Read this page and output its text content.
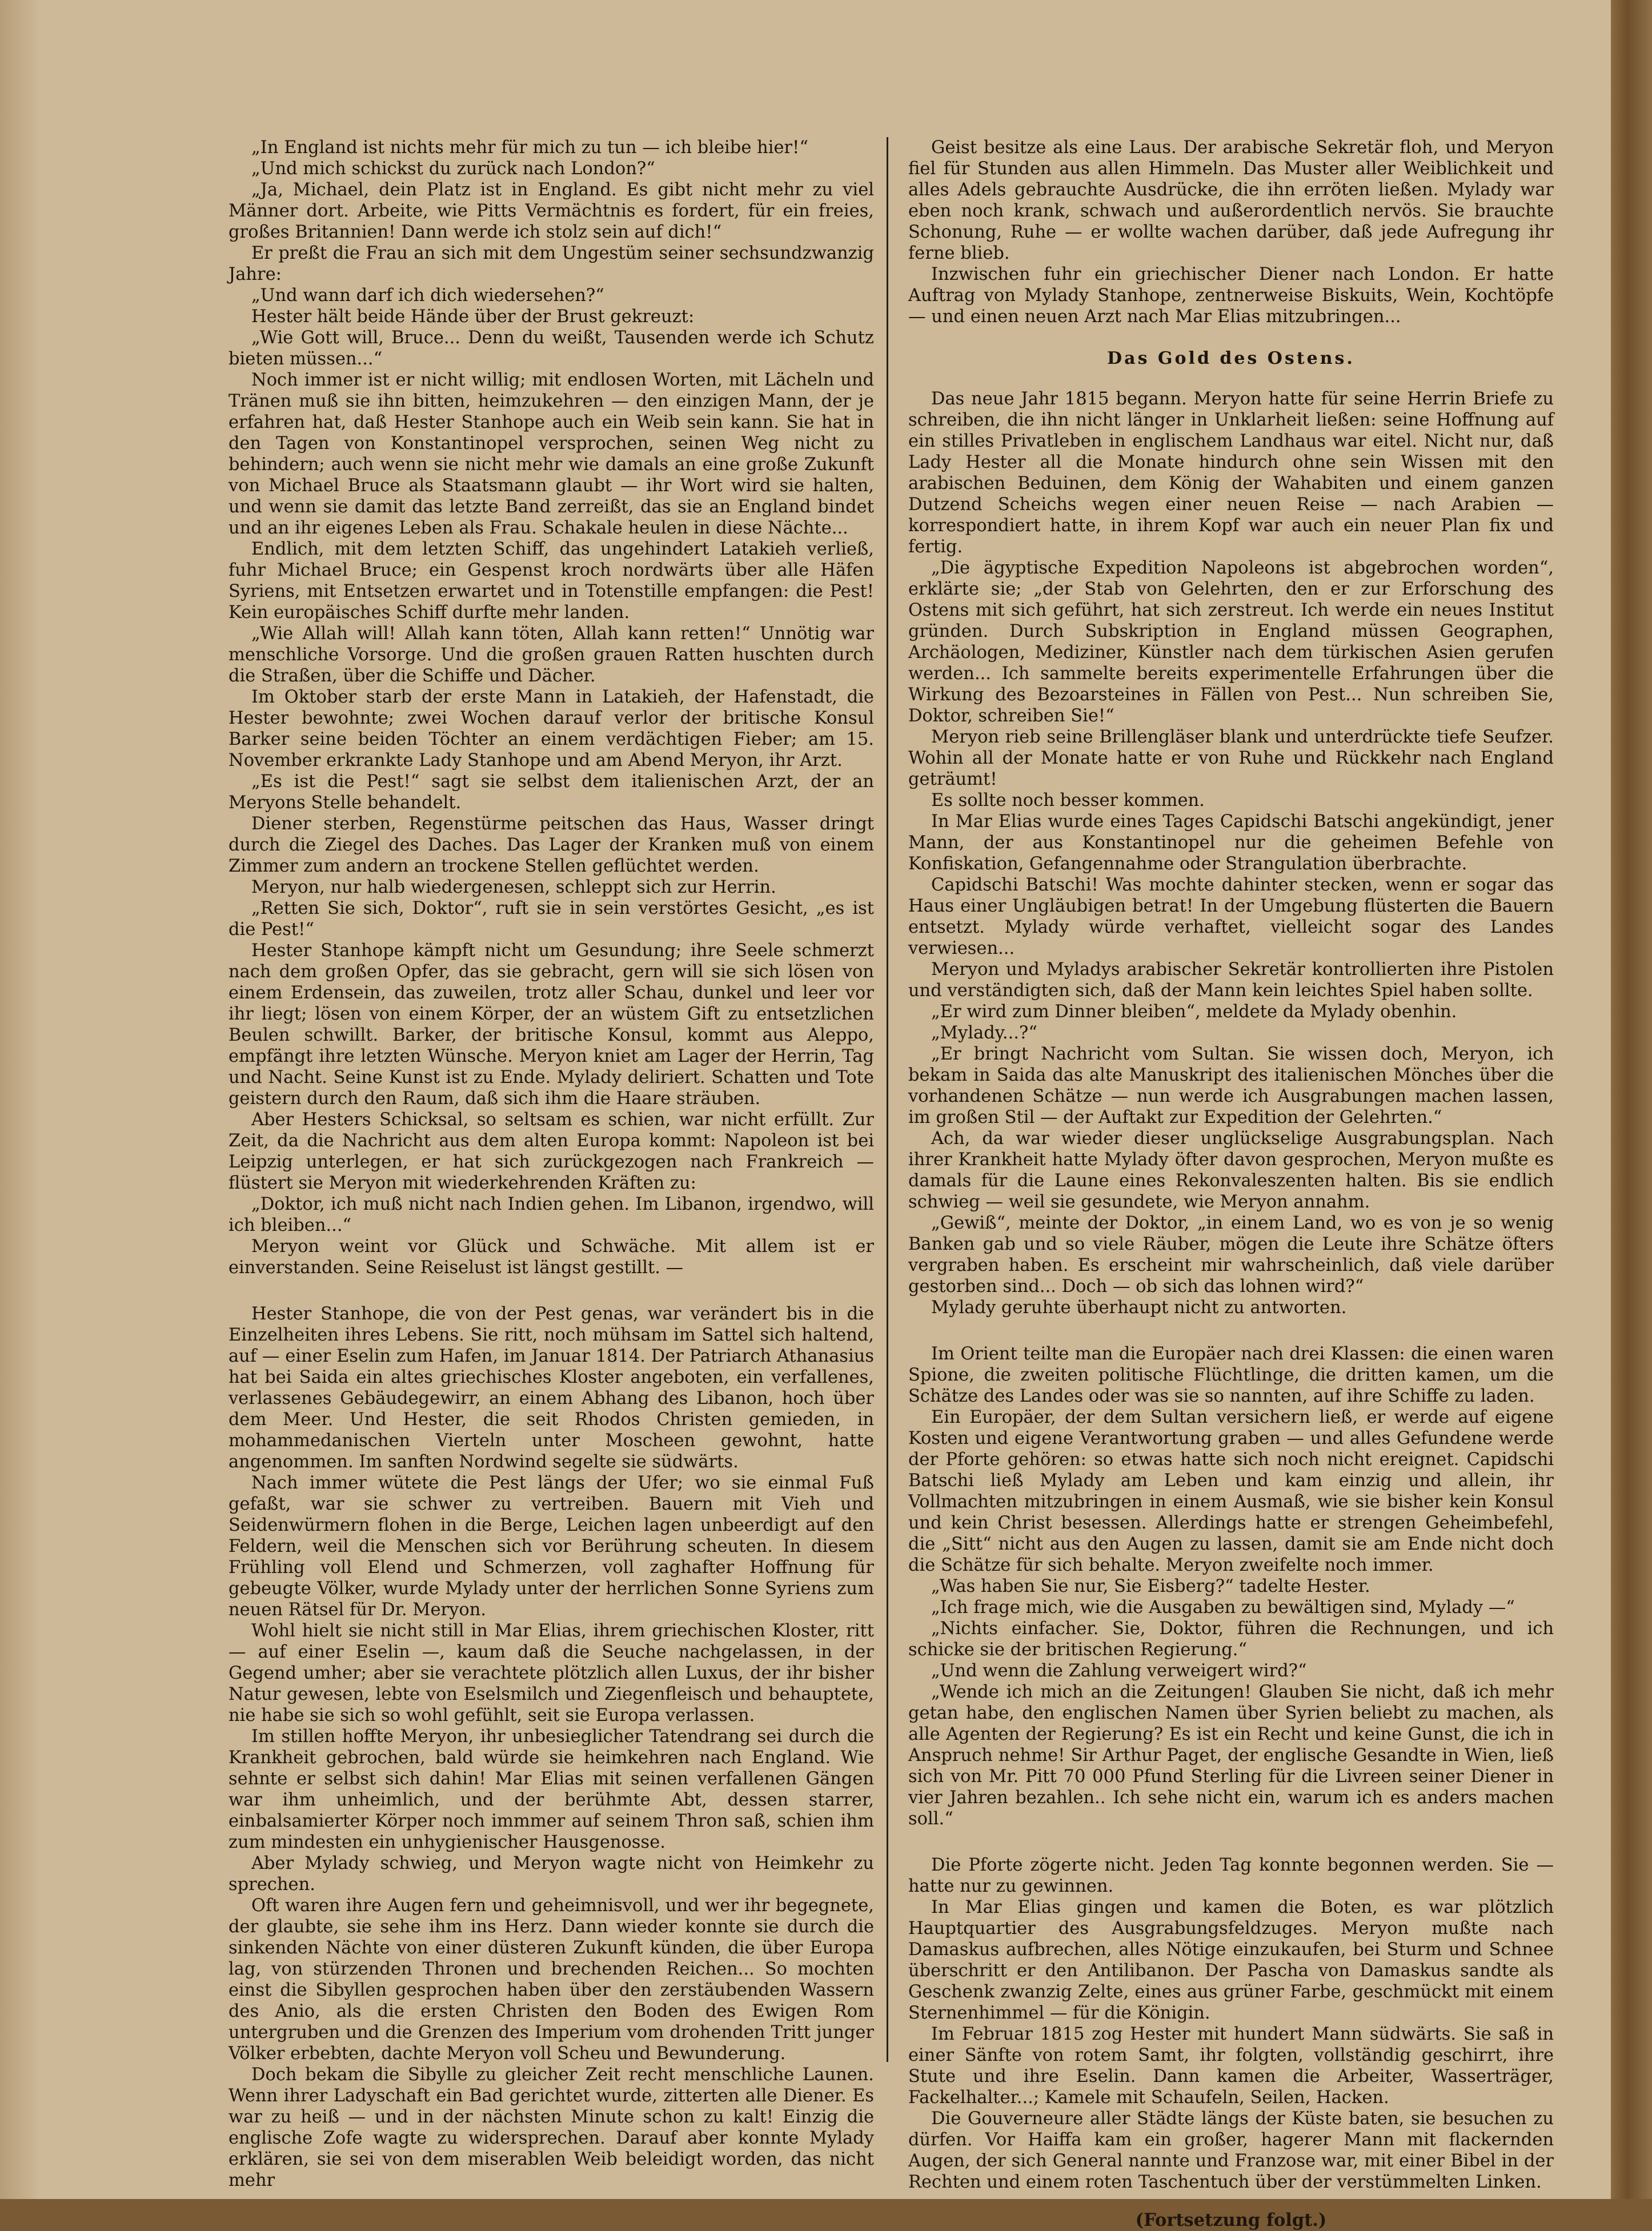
„In England ist nichts mehr für mich zu tun — ich bleibe hier!“

„Und mich schickst du zurück nach London?“

„Ja, Michael, dein Platz ist in England. Es gibt nicht mehr zu viel Männer dort. Arbeite, wie Pitts Vermächtnis es fordert, für ein freies, großes Britannien! Dann werde ich stolz sein auf dich!“

Er preßt die Frau an sich mit dem Ungestüm seiner sechsundzwanzig Jahre:

„Und wann darf ich dich wiedersehen?“

Hester hält beide Hände über der Brust gekreuzt:

„Wie Gott will, Bruce... Denn du weißt, Tausenden werde ich Schutz bieten müssen...“

Noch immer ist er nicht willig; mit endlosen Worten, mit Lächeln und Tränen muß sie ihn bitten, heimzukehren — den einzigen Mann, der je erfahren hat, daß Hester Stanhope auch ein Weib sein kann. Sie hat in den Tagen von Konstantinopel versprochen, seinen Weg nicht zu behindern; auch wenn sie nicht mehr wie damals an eine große Zukunft von Michael Bruce als Staatsmann glaubt — ihr Wort wird sie halten, und wenn sie damit das letzte Band zerreißt, das sie an England bindet und an ihr eigenes Leben als Frau. Schakale heulen in diese Nächte...

Endlich, mit dem letzten Schiff, das ungehindert Latakieh verließ, fuhr Michael Bruce; ein Gespenst kroch nordwärts über alle Häfen Syriens, mit Entsetzen erwartet und in Totenstille empfangen: die Pest! Kein europäisches Schiff durfte mehr landen.

„Wie Allah will! Allah kann töten, Allah kann retten!“ Unnötig war menschliche Vorsorge. Und die großen grauen Ratten huschten durch die Straßen, über die Schiffe und Dächer.

Im Oktober starb der erste Mann in Latakieh, der Hafenstadt, die Hester bewohnte; zwei Wochen darauf verlor der britische Konsul Barker seine beiden Töchter an einem verdächtigen Fieber; am 15. November erkrankte Lady Stanhope und am Abend Meryon, ihr Arzt.

„Es ist die Pest!“ sagt sie selbst dem italienischen Arzt, der an Meryons Stelle behandelt.

Diener sterben, Regenstürme peitschen das Haus, Wasser dringt durch die Ziegel des Daches. Das Lager der Kranken muß von einem Zimmer zum andern an trockene Stellen geflüchtet werden.

Meryon, nur halb wiedergenesen, schleppt sich zur Herrin.

„Retten Sie sich, Doktor“, ruft sie in sein verstörtes Gesicht, „es ist die Pest!“

Hester Stanhope kämpft nicht um Gesundung; ihre Seele schmerzt nach dem großen Opfer, das sie gebracht, gern will sie sich lösen von einem Erdensein, das zuweilen, trotz aller Schau, dunkel und leer vor ihr liegt; lösen von einem Körper, der an wüstem Gift zu entsetzlichen Beulen schwillt. Barker, der britische Konsul, kommt aus Aleppo, empfängt ihre letzten Wünsche. Meryon kniet am Lager der Herrin, Tag und Nacht. Seine Kunst ist zu Ende. Mylady deliriert. Schatten und Tote geistern durch den Raum, daß sich ihm die Haare sträuben.

Aber Hesters Schicksal, so seltsam es schien, war nicht erfüllt. Zur Zeit, da die Nachricht aus dem alten Europa kommt: Napoleon ist bei Leipzig unterlegen, er hat sich zurückgezogen nach Frankreich — flüstert sie Meryon mit wiederkehrenden Kräften zu:

„Doktor, ich muß nicht nach Indien gehen. Im Libanon, irgendwo, will ich bleiben...“

Meryon weint vor Glück und Schwäche. Mit allem ist er einverstanden. Seine Reiselust ist längst gestillt. —

Hester Stanhope, die von der Pest genas, war verändert bis in die Einzelheiten ihres Lebens. Sie ritt, noch mühsam im Sattel sich haltend, auf — einer Eselin zum Hafen, im Januar 1814. Der Patriarch Athanasius hat bei Saida ein altes griechisches Kloster angeboten, ein verfallenes, verlassenes Gebäudegewirr, an einem Abhang des Libanon, hoch über dem Meer. Und Hester, die seit Rhodos Christen gemieden, in mohammedanischen Vierteln unter Moscheen gewohnt, hatte angenommen. Im sanften Nordwind segelte sie südwärts.

Nach immer wütete die Pest längs der Ufer; wo sie einmal Fuß gefaßt, war sie schwer zu vertreiben. Bauern mit Vieh und Seidenwürmern flohen in die Berge, Leichen lagen unbeerdigt auf den Feldern, weil die Menschen sich vor Berührung scheuten. In diesem Frühling voll Elend und Schmerzen, voll zaghafter Hoffnung für gebeugte Völker, wurde Mylady unter der herrlichen Sonne Syriens zum neuen Rätsel für Dr. Meryon.

Wohl hielt sie nicht still in Mar Elias, ihrem griechischen Kloster, ritt — auf einer Eselin —, kaum daß die Seuche nachgelassen, in der Gegend umher; aber sie verachtete plötzlich allen Luxus, der ihr bisher Natur gewesen, lebte von Eselsmilch und Ziegenfleisch und behauptete, nie habe sie sich so wohl gefühlt, seit sie Europa verlassen.

Im stillen hoffte Meryon, ihr unbesieglicher Tatendrang sei durch die Krankheit gebrochen, bald würde sie heimkehren nach England. Wie sehnte er selbst sich dahin! Mar Elias mit seinen verfallenen Gängen war ihm unheimlich, und der berühmte Abt, dessen starrer, einbalsamierter Körper noch immmer auf seinem Thron saß, schien ihm zum mindesten ein unhygienischer Hausgenosse.

Aber Mylady schwieg, und Meryon wagte nicht von Heimkehr zu sprechen.

Oft waren ihre Augen fern und geheimnisvoll, und wer ihr begegnete, der glaubte, sie sehe ihm ins Herz. Dann wieder konnte sie durch die sinkenden Nächte von einer düsteren Zukunft künden, die über Europa lag, von stürzenden Thronen und brechenden Reichen... So mochten einst die Sibyllen gesprochen haben über den zerstäubenden Wassern des Anio, als die ersten Christen den Boden des Ewigen Rom untergruben und die Grenzen des Imperium vom drohenden Tritt junger Völker erbebten, dachte Meryon voll Scheu und Bewunderung.

Doch bekam die Sibylle zu gleicher Zeit recht menschliche Launen. Wenn ihrer Ladyschaft ein Bad gerichtet wurde, zitterten alle Diener. Es war zu heiß — und in der nächsten Minute schon zu kalt! Einzig die englische Zofe wagte zu widersprechen. Darauf aber konnte Mylady erklären, sie sei von dem miserablen Weib beleidigt worden, das nicht mehr

Geist besitze als eine Laus. Der arabische Sekretär floh, und Meryon fiel für Stunden aus allen Himmeln. Das Muster aller Weiblichkeit und alles Adels gebrauchte Ausdrücke, die ihn erröten ließen. Mylady war eben noch krank, schwach und außerordentlich nervös. Sie brauchte Schonung, Ruhe — er wollte wachen darüber, daß jede Aufregung ihr ferne blieb.

Inzwischen fuhr ein griechischer Diener nach London. Er hatte Auftrag von Mylady Stanhope, zentnerweise Biskuits, Wein, Kochtöpfe — und einen neuen Arzt nach Mar Elias mitzubringen...

Das Gold des Ostens.

Das neue Jahr 1815 begann. Meryon hatte für seine Herrin Briefe zu schreiben, die ihn nicht länger in Unklarheit ließen: seine Hoffnung auf ein stilles Privatleben in englischem Landhaus war eitel. Nicht nur, daß Lady Hester all die Monate hindurch ohne sein Wissen mit den arabischen Beduinen, dem König der Wahabiten und einem ganzen Dutzend Scheichs wegen einer neuen Reise — nach Arabien — korrespondiert hatte, in ihrem Kopf war auch ein neuer Plan fix und fertig.

„Die ägyptische Expedition Napoleons ist abgebrochen worden“, erklärte sie; „der Stab von Gelehrten, den er zur Erforschung des Ostens mit sich geführt, hat sich zerstreut. Ich werde ein neues Institut gründen. Durch Subskription in England müssen Geographen, Archäologen, Mediziner, Künstler nach dem türkischen Asien gerufen werden... Ich sammelte bereits experimentelle Erfahrungen über die Wirkung des Bezoarsteines in Fällen von Pest... Nun schreiben Sie, Doktor, schreiben Sie!“

Meryon rieb seine Brillengläser blank und unterdrückte tiefe Seufzer. Wohin all der Monate hatte er von Ruhe und Rückkehr nach England geträumt!

Es sollte noch besser kommen.

In Mar Elias wurde eines Tages Capidschi Batschi angekündigt, jener Mann, der aus Konstantinopel nur die geheimen Befehle von Konfiskation, Gefangennahme oder Strangulation überbrachte.

Capidschi Batschi! Was mochte dahinter stecken, wenn er sogar das Haus einer Ungläubigen betrat! In der Umgebung flüsterten die Bauern entsetzt. Mylady würde verhaftet, vielleicht sogar des Landes verwiesen...

Meryon und Myladys arabischer Sekretär kontrollierten ihre Pistolen und verständigten sich, daß der Mann kein leichtes Spiel haben sollte.

„Er wird zum Dinner bleiben“, meldete da Mylady obenhin.

„Mylady...?“

„Er bringt Nachricht vom Sultan. Sie wissen doch, Meryon, ich bekam in Saida das alte Manuskript des italienischen Mönches über die vorhandenen Schätze — nun werde ich Ausgrabungen machen lassen, im großen Stil — der Auftakt zur Expedition der Gelehrten.“

Ach, da war wieder dieser unglückselige Ausgrabungsplan. Nach ihrer Krankheit hatte Mylady öfter davon gesprochen, Meryon mußte es damals für die Laune eines Rekonvaleszenten halten. Bis sie endlich schwieg — weil sie gesundete, wie Meryon annahm.

„Gewiß“, meinte der Doktor, „in einem Land, wo es von je so wenig Banken gab und so viele Räuber, mögen die Leute ihre Schätze öfters vergraben haben. Es erscheint mir wahrscheinlich, daß viele darüber gestorben sind... Doch — ob sich das lohnen wird?“

Mylady geruhte überhaupt nicht zu antworten.

Im Orient teilte man die Europäer nach drei Klassen: die einen waren Spione, die zweiten politische Flüchtlinge, die dritten kamen, um die Schätze des Landes oder was sie so nannten, auf ihre Schiffe zu laden.

Ein Europäer, der dem Sultan versichern ließ, er werde auf eigene Kosten und eigene Verantwortung graben — und alles Gefundene werde der Pforte gehören: so etwas hatte sich noch nicht ereignet. Capidschi Batschi ließ Mylady am Leben und kam einzig und allein, ihr Vollmachten mitzubringen in einem Ausmaß, wie sie bisher kein Konsul und kein Christ besessen. Allerdings hatte er strengen Geheimbefehl, die „Sitt“ nicht aus den Augen zu lassen, damit sie am Ende nicht doch die Schätze für sich behalte. Meryon zweifelte noch immer.

„Was haben Sie nur, Sie Eisberg?“ tadelte Hester.

„Ich frage mich, wie die Ausgaben zu bewältigen sind, Mylady —“

„Nichts einfacher. Sie, Doktor, führen die Rechnungen, und ich schicke sie der britischen Regierung.“

„Und wenn die Zahlung verweigert wird?“

„Wende ich mich an die Zeitungen! Glauben Sie nicht, daß ich mehr getan habe, den englischen Namen über Syrien beliebt zu machen, als alle Agenten der Regierung? Es ist ein Recht und keine Gunst, die ich in Anspruch nehme! Sir Arthur Paget, der englische Gesandte in Wien, ließ sich von Mr. Pitt 70 000 Pfund Sterling für die Livreen seiner Diener in vier Jahren bezahlen.. Ich sehe nicht ein, warum ich es anders machen soll.“

Die Pforte zögerte nicht. Jeden Tag konnte begonnen werden. Sie — hatte nur zu gewinnen.

In Mar Elias gingen und kamen die Boten, es war plötzlich Hauptquartier des Ausgrabungsfeldzuges. Meryon mußte nach Damaskus aufbrechen, alles Nötige einzukaufen, bei Sturm und Schnee überschritt er den Antilibanon. Der Pascha von Damaskus sandte als Geschenk zwanzig Zelte, eines aus grüner Farbe, geschmückt mit einem Sternenhimmel — für die Königin.

Im Februar 1815 zog Hester mit hundert Mann südwärts. Sie saß in einer Sänfte von rotem Samt, ihr folgten, vollständig geschirrt, ihre Stute und ihre Eselin. Dann kamen die Arbeiter, Wasserträger, Fackelhalter...; Kamele mit Schaufeln, Seilen, Hacken.

Die Gouverneure aller Städte längs der Küste baten, sie besuchen zu dürfen. Vor Haiffa kam ein großer, hagerer Mann mit flackernden Augen, der sich General nannte und Franzose war, mit einer Bibel in der Rechten und einem roten Taschentuch über der verstümmelten Linken.

(Fortsetzung folgt.)
